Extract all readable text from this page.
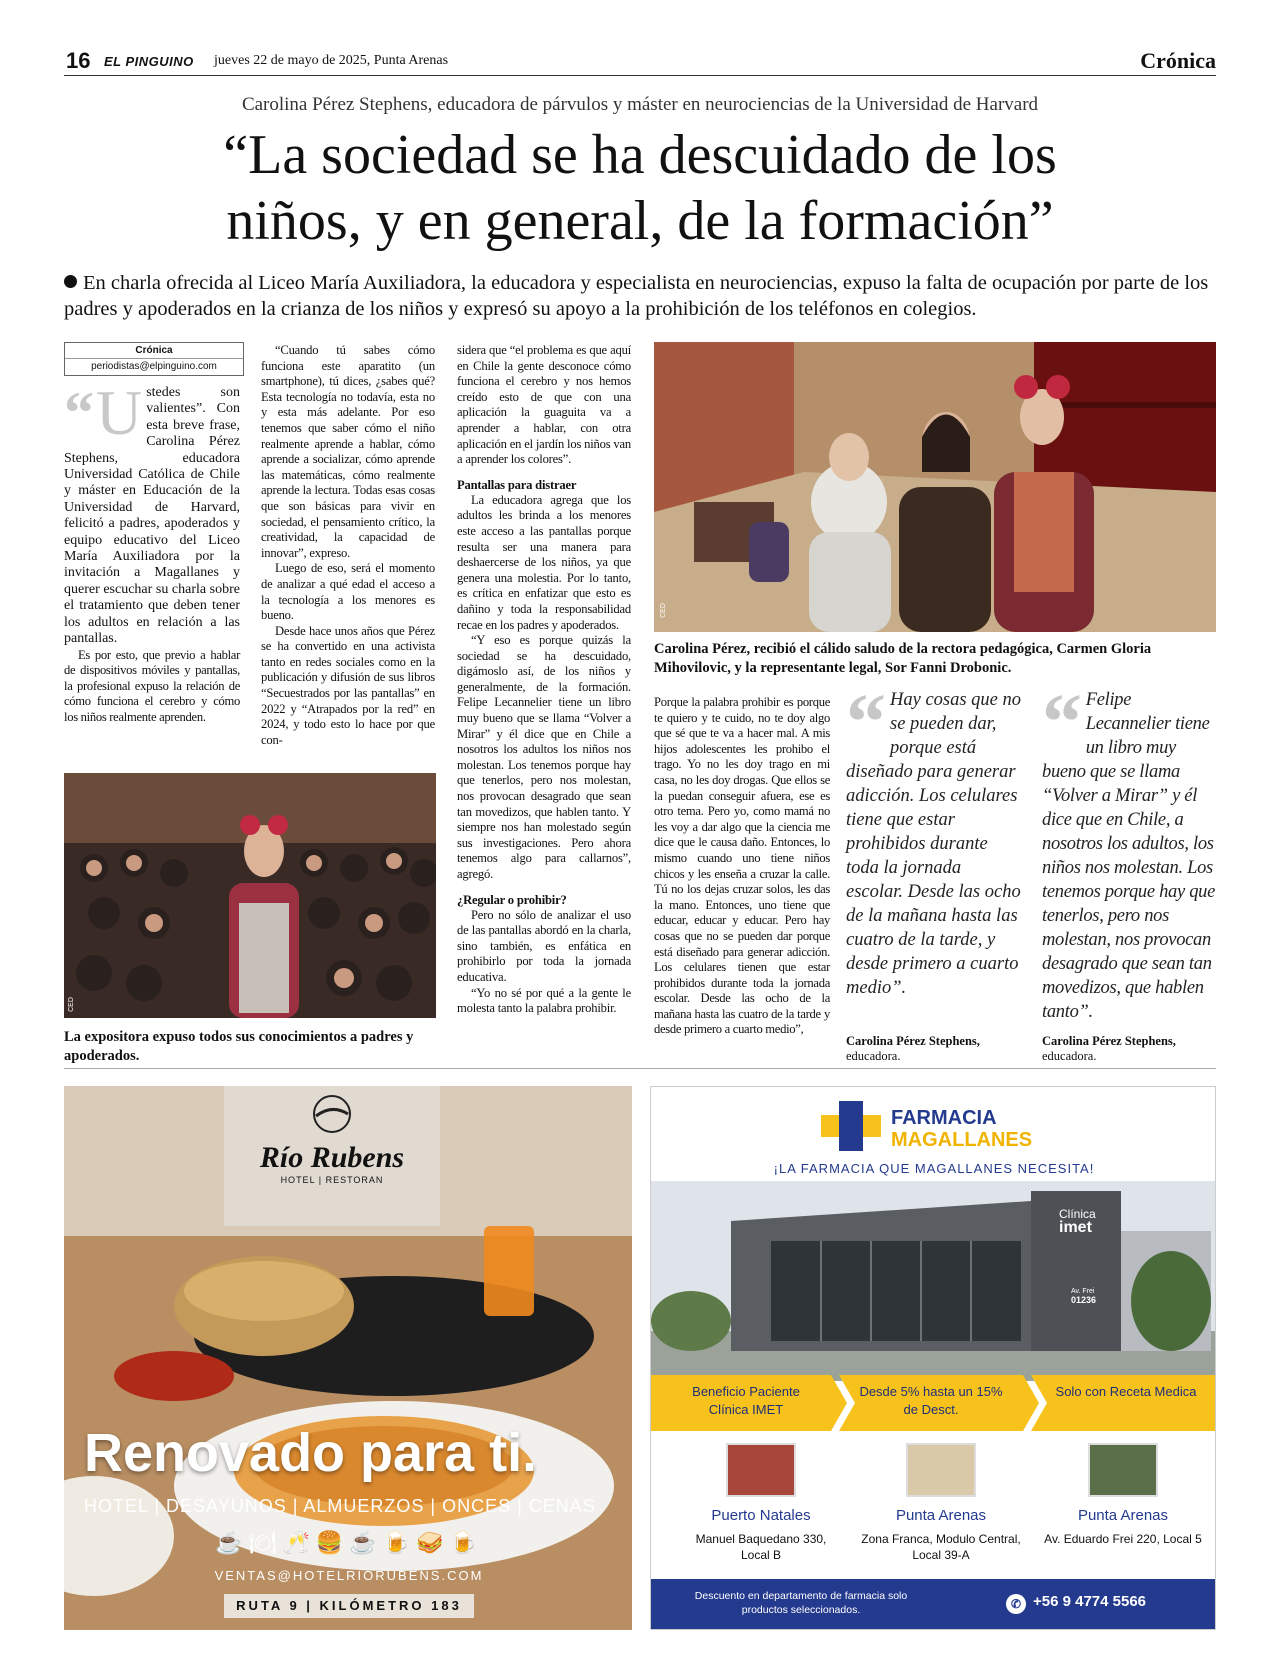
16 EL PINGUINO jueves 22 de mayo de 2025, Punta Arenas	Crónica
Carolina Pérez Stephens, educadora de párvulos y máster en neurociencias de la Universidad de Harvard
“La sociedad se ha descuidado de los
niños, y en general, de la formación”
En charla ofrecida al Liceo María Auxiliadora, la educadora y especialista en neurociencias, expuso la falta de ocupación por parte de los padres y apoderados en la crianza de los niños y expresó su apoyo a la prohibición de los teléfonos en colegios.
Crónica
periodistas@elpinguino.com
“ U stedes son valientes”. Con esta breve frase, Carolina Pérez Stephens, educadora Universidad Católica de Chile y máster en Educación de la Universidad de Harvard, felicitó a padres, apoderados y equipo educativo del Liceo María Auxiliadora por la invitación a Magallanes y querer escuchar su charla sobre el tratamiento que deben tener los adultos en relación a las pantallas.

Es por esto, que previo a hablar de dispositivos móviles y pantallas, la profesional expuso la relación de cómo funciona el cerebro y cómo los niños realmente aprenden.

“Cuando tú sabes cómo funciona este aparatito (un smartphone), tú dices, ¿sabes qué? Esta tecnología no todavía, esta no y esta más adelante. Por eso tenemos que saber cómo el niño realmente aprende a hablar, cómo aprende a socializar, cómo aprende las matemáticas, cómo realmente aprende la lectura. Todas esas cosas que son básicas para vivir en sociedad, el pensamiento crítico, la creatividad, la capacidad de innovar”, expreso.

Luego de eso, será el momento de analizar a qué edad el acceso a la tecnología a los menores es bueno.

Desde hace unos años que Pérez se ha convertido en una activista tanto en redes sociales como en la publicación y difusión de sus libros “Secuestrados por las pantallas” en 2022 y “Atrapados por la red” en 2024, y todo esto lo hace por que con-

sidera que “el problema es que aquí en Chile la gente desconoce cómo funciona el cerebro y nos hemos creído esto de que con una aplicación la guaguita va a aprender a hablar, con otra aplicación en el jardín los niños van a aprender los colores”.

Pantallas para distraer

La educadora agrega que los adultos les brinda a los menores este acceso a las pantallas porque resulta ser una manera para deshaercerse de los niños, ya que genera una molestia. Por lo tanto, es crítica en enfatizar que esto es dañino y toda la responsabilidad recae en los padres y apoderados.

“Y eso es porque quizás la sociedad se ha descuidado, digámoslo así, de los niños y generalmente, de la formación. Felipe Lecannelier tiene un libro muy bueno que se llama “Volver a Mirar” y él dice que en Chile a nosotros los adultos los niños nos molestan. Los tenemos porque hay que tenerlos, pero nos molestan, nos provocan desagrado que sean tan movedizos, que hablen tanto. Y siempre nos han molestado según sus investigaciones. Pero ahora tenemos algo para callarnos”, agregó.

¿Regular o prohibir?

Pero no sólo de analizar el uso de las pantallas abordó en la charla, sino también, es enfática en prohibirlo por toda la jornada educativa.

“Yo no sé por qué a la gente le molesta tanto la palabra prohibir.

Porque la palabra prohibir es porque te quiero y te cuido, no te doy algo que sé que te va a hacer mal. A mis hijos adolescentes les prohibo el trago. Yo no les doy trago en mi casa, no les doy drogas. Que ellos se la puedan conseguir afuera, ese es otro tema. Pero yo, como mamá no les voy a dar algo que la ciencia me dice que le causa daño. Entonces, lo mismo cuando uno tiene niños chicos y les enseña a cruzar la calle. Tú no los dejas cruzar solos, les das la mano. Entonces, uno tiene que educar, educar y educar. Pero hay cosas que no se pueden dar porque está diseñado para generar adicción. Los celulares tienen que estar prohibidos durante toda la jornada escolar. Desde las ocho de la mañana hasta las cuatro de la tarde y desde primero a cuarto medio”,

CED
Carolina Pérez, recibió el cálido saludo de la rectora pedagógica, Carmen Gloria Mihovilovic, y la representante legal, Sor Fanni Drobonic.
CED
La expositora expuso todos sus conocimientos a padres y apoderados.
“ Hay cosas que no se pueden dar, porque está diseñado para generar adicción. Los celulares tiene que estar prohibidos durante toda la jornada escolar. Desde las ocho de la mañana hasta las cuatro de la tarde, y desde primero a cuarto medio”.
Carolina Pérez Stephens,
educadora.
“ Felipe Lecannelier tiene un libro muy bueno que se llama “Volver a Mirar” y él dice que en Chile, a nosotros los adultos, los niños nos molestan. Los tenemos porque hay que tenerlos, pero nos molestan, nos provocan desagrado que sean tan movedizos, que hablen tanto”.
Carolina Pérez Stephens,
educadora.
Río Rubens
HOTEL | RESTORAN
Renovado para ti.
HOTEL | DESAYUNOS | ALMUERZOS | ONCES | CENAS
☕🍽🥂🍔☕🍺🥪🍺
VENTAS@HOTELRIORUBENS.COM
RUTA 9 | KILÓMETRO 183
FARMACIA
MAGALLANES
¡LA FARMACIA QUE MAGALLANES NECESITA!
Clínica
imet
Av. Frei
01236
Beneficio Paciente Clínica IMET
Desde 5% hasta un 15% de Desct.
Solo con Receta Medica
Puerto Natales
Manuel Baquedano 330, Local B
Punta Arenas
Zona Franca, Modulo Central, Local 39-A
Punta Arenas
Av. Eduardo Frei 220, Local 5
Descuento en departamento de farmacia solo productos seleccionados.	✆ +56 9 4774 5566
